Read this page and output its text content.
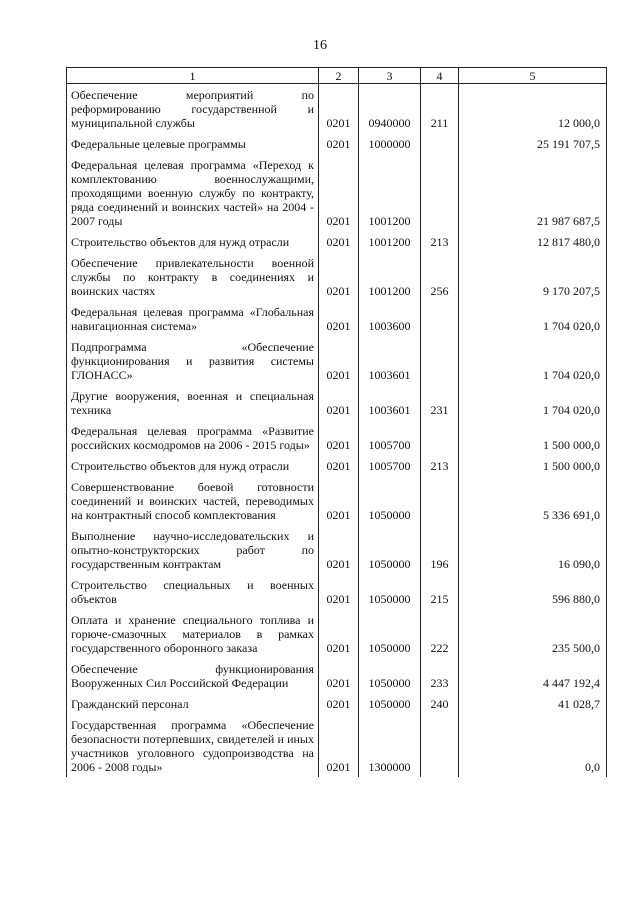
16
1	2	3	4	5
Обеспечение мероприятий по реформированию государственной и муниципальной службы	0201	0940000	211	12 000,0
Федеральные целевые программы	0201	1000000		25 191 707,5
Федеральная целевая программа «Переход к комплектованию военнослужащими, проходящими военную службу по контракту, ряда соединений и воинских частей» на 2004 - 2007 годы	0201	1001200		21 987 687,5
Строительство объектов для нужд отрасли	0201	1001200	213	12 817 480,0
Обеспечение привлекательности военной службы по контракту в соединениях и воинских частях	0201	1001200	256	9 170 207,5
Федеральная целевая программа «Глобальная навигационная система»	0201	1003600		1 704 020,0
Подпрограмма «Обеспечение функционирования и развития системы ГЛОНАСС»	0201	1003601		1 704 020,0
Другие вооружения, военная и специальная техника	0201	1003601	231	1 704 020,0
Федеральная целевая программа «Развитие российских космодромов на 2006 - 2015 годы»	0201	1005700		1 500 000,0
Строительство объектов для нужд отрасли	0201	1005700	213	1 500 000,0
Совершенствование боевой готовности соединений и воинских частей, переводимых на контрактный способ комплектования	0201	1050000		5 336 691,0
Выполнение научно-исследовательских и опытно-конструкторских работ по государственным контрактам	0201	1050000	196	16 090,0
Строительство специальных и военных объектов	0201	1050000	215	596 880,0
Оплата и хранение специального топлива и горюче-смазочных материалов в рамках государственного оборонного заказа	0201	1050000	222	235 500,0
Обеспечение функционирования Вооруженных Сил Российской Федерации	0201	1050000	233	4 447 192,4
Гражданский персонал	0201	1050000	240	41 028,7
Государственная программа «Обеспечение безопасности потерпевших, свидетелей и иных участников уголовного судопроизводства на 2006 - 2008 годы»	0201	1300000		0,0
